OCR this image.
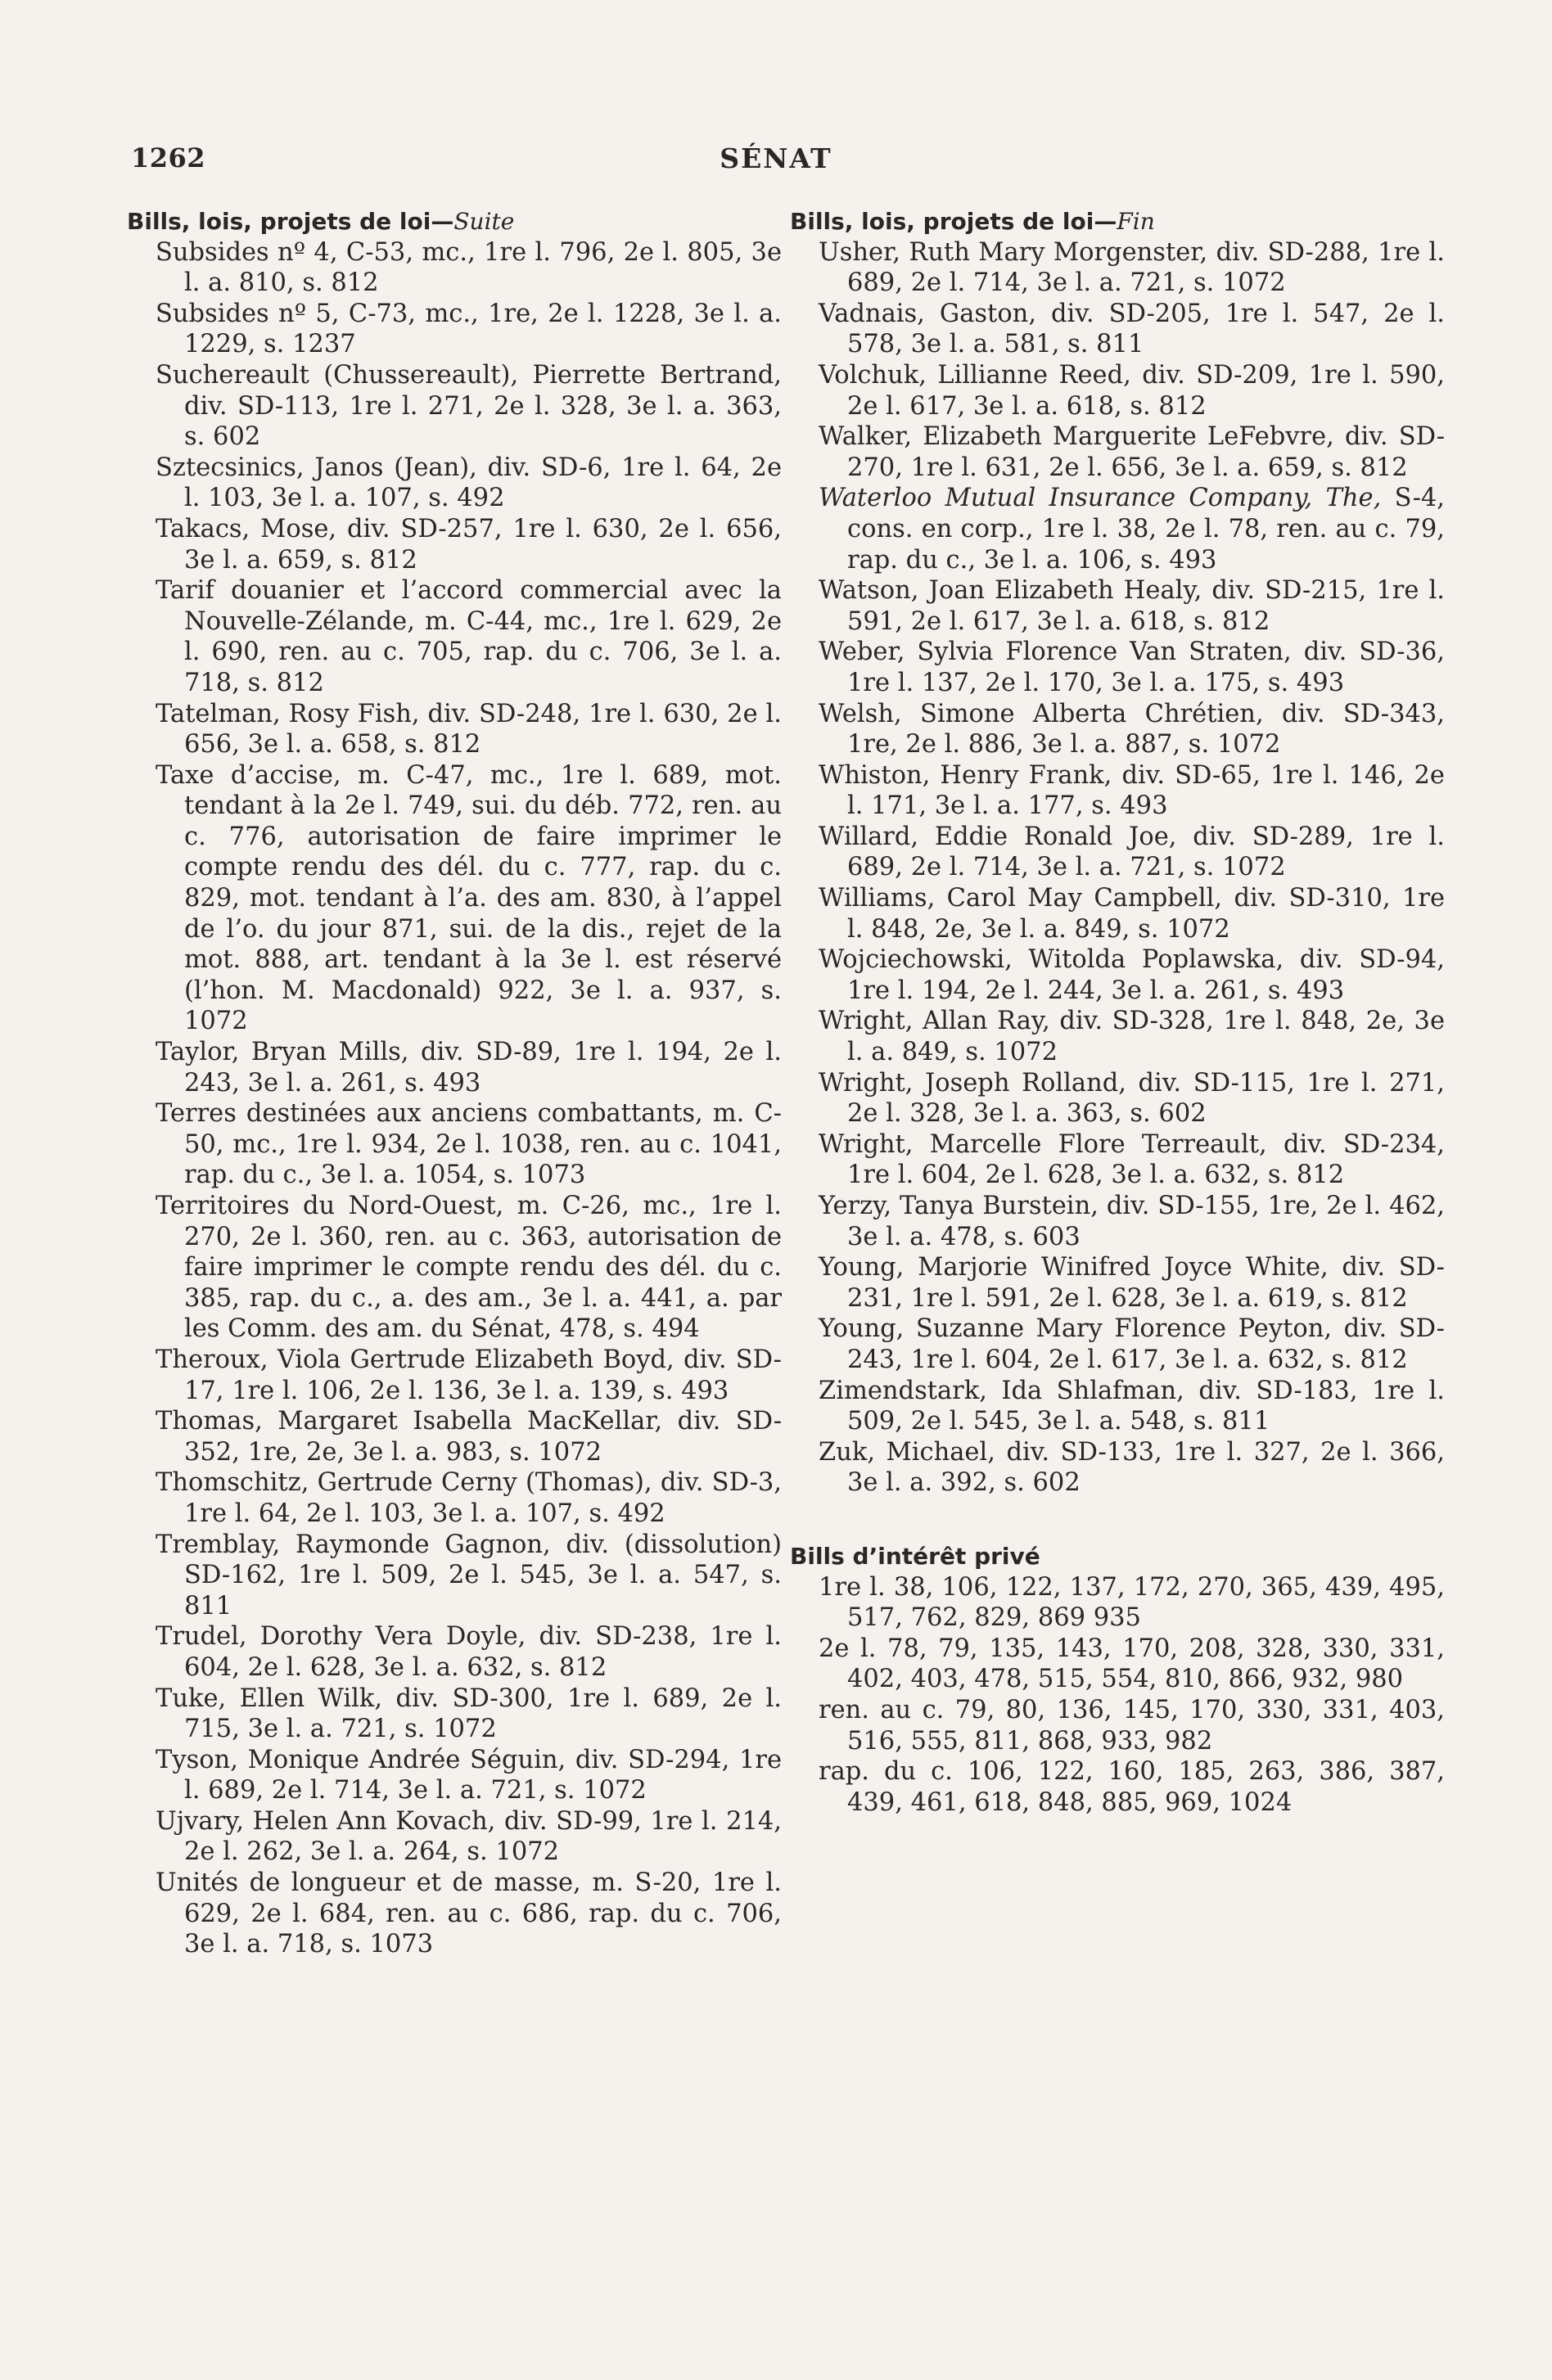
1262	SÉNAT
Bills, lois, projets de loi—Suite
Subsides nº 4, C-53, mc., 1re l. 796, 2e l. 805, 3e l. a. 810, s. 812
Subsides nº 5, C-73, mc., 1re, 2e l. 1228, 3e l. a. 1229, s. 1237
Suchereault (Chussereault), Pierrette Bertrand, div. SD-113, 1re l. 271, 2e l. 328, 3e l. a. 363, s. 602
Sztecsinics, Janos (Jean), div. SD-6, 1re l. 64, 2e l. 103, 3e l. a. 107, s. 492
Takacs, Mose, div. SD-257, 1re l. 630, 2e l. 656, 3e l. a. 659, s. 812
Tarif douanier et l’accord commercial avec la Nouvelle-Zélande, m. C-44, mc., 1re l. 629, 2e l. 690, ren. au c. 705, rap. du c. 706, 3e l. a. 718, s. 812
Tatelman, Rosy Fish, div. SD-248, 1re l. 630, 2e l. 656, 3e l. a. 658, s. 812
Taxe d’accise, m. C-47, mc., 1re l. 689, mot. tendant à la 2e l. 749, sui. du déb. 772, ren. au c. 776, autorisation de faire imprimer le compte rendu des dél. du c. 777, rap. du c. 829, mot. tendant à l’a. des am. 830, à l’appel de l’o. du jour 871, sui. de la dis., rejet de la mot. 888, art. tendant à la 3e l. est réservé (l’hon. M. Macdonald) 922, 3e l. a. 937, s. 1072
Taylor, Bryan Mills, div. SD-89, 1re l. 194, 2e l. 243, 3e l. a. 261, s. 493
Terres destinées aux anciens combattants, m. C-50, mc., 1re l. 934, 2e l. 1038, ren. au c. 1041, rap. du c., 3e l. a. 1054, s. 1073
Territoires du Nord-Ouest, m. C-26, mc., 1re l. 270, 2e l. 360, ren. au c. 363, autorisation de faire imprimer le compte rendu des dél. du c. 385, rap. du c., a. des am., 3e l. a. 441, a. par les Comm. des am. du Sénat, 478, s. 494
Theroux, Viola Gertrude Elizabeth Boyd, div. SD-17, 1re l. 106, 2e l. 136, 3e l. a. 139, s. 493
Thomas, Margaret Isabella MacKellar, div. SD-352, 1re, 2e, 3e l. a. 983, s. 1072
Thomschitz, Gertrude Cerny (Thomas), div. SD-3, 1re l. 64, 2e l. 103, 3e l. a. 107, s. 492
Tremblay, Raymonde Gagnon, div. (dissolution) SD-162, 1re l. 509, 2e l. 545, 3e l. a. 547, s. 811
Trudel, Dorothy Vera Doyle, div. SD-238, 1re l. 604, 2e l. 628, 3e l. a. 632, s. 812
Tuke, Ellen Wilk, div. SD-300, 1re l. 689, 2e l. 715, 3e l. a. 721, s. 1072
Tyson, Monique Andrée Séguin, div. SD-294, 1re l. 689, 2e l. 714, 3e l. a. 721, s. 1072
Ujvary, Helen Ann Kovach, div. SD-99, 1re l. 214, 2e l. 262, 3e l. a. 264, s. 1072
Unités de longueur et de masse, m. S-20, 1re l. 629, 2e l. 684, ren. au c. 686, rap. du c. 706, 3e l. a. 718, s. 1073
Bills, lois, projets de loi—Fin
Usher, Ruth Mary Morgenster, div. SD-288, 1re l. 689, 2e l. 714, 3e l. a. 721, s. 1072
Vadnais, Gaston, div. SD-205, 1re l. 547, 2e l. 578, 3e l. a. 581, s. 811
Volchuk, Lillianne Reed, div. SD-209, 1re l. 590, 2e l. 617, 3e l. a. 618, s. 812
Walker, Elizabeth Marguerite LeFebvre, div. SD-270, 1re l. 631, 2e l. 656, 3e l. a. 659, s. 812
Waterloo Mutual Insurance Company, The, S-4, cons. en corp., 1re l. 38, 2e l. 78, ren. au c. 79, rap. du c., 3e l. a. 106, s. 493
Watson, Joan Elizabeth Healy, div. SD-215, 1re l. 591, 2e l. 617, 3e l. a. 618, s. 812
Weber, Sylvia Florence Van Straten, div. SD-36, 1re l. 137, 2e l. 170, 3e l. a. 175, s. 493
Welsh, Simone Alberta Chrétien, div. SD-343, 1re, 2e l. 886, 3e l. a. 887, s. 1072
Whiston, Henry Frank, div. SD-65, 1re l. 146, 2e l. 171, 3e l. a. 177, s. 493
Willard, Eddie Ronald Joe, div. SD-289, 1re l. 689, 2e l. 714, 3e l. a. 721, s. 1072
Williams, Carol May Campbell, div. SD-310, 1re l. 848, 2e, 3e l. a. 849, s. 1072
Wojciechowski, Witolda Poplawska, div. SD-94, 1re l. 194, 2e l. 244, 3e l. a. 261, s. 493
Wright, Allan Ray, div. SD-328, 1re l. 848, 2e, 3e l. a. 849, s. 1072
Wright, Joseph Rolland, div. SD-115, 1re l. 271, 2e l. 328, 3e l. a. 363, s. 602
Wright, Marcelle Flore Terreault, div. SD-234, 1re l. 604, 2e l. 628, 3e l. a. 632, s. 812
Yerzy, Tanya Burstein, div. SD-155, 1re, 2e l. 462, 3e l. a. 478, s. 603
Young, Marjorie Winifred Joyce White, div. SD-231, 1re l. 591, 2e l. 628, 3e l. a. 619, s. 812
Young, Suzanne Mary Florence Peyton, div. SD-243, 1re l. 604, 2e l. 617, 3e l. a. 632, s. 812
Zimendstark, Ida Shlafman, div. SD-183, 1re l. 509, 2e l. 545, 3e l. a. 548, s. 811
Zuk, Michael, div. SD-133, 1re l. 327, 2e l. 366, 3e l. a. 392, s. 602
Bills d’intérêt privé
1re l. 38, 106, 122, 137, 172, 270, 365, 439, 495, 517, 762, 829, 869 935
2e l. 78, 79, 135, 143, 170, 208, 328, 330, 331, 402, 403, 478, 515, 554, 810, 866, 932, 980
ren. au c. 79, 80, 136, 145, 170, 330, 331, 403, 516, 555, 811, 868, 933, 982
rap. du c. 106, 122, 160, 185, 263, 386, 387, 439, 461, 618, 848, 885, 969, 1024
